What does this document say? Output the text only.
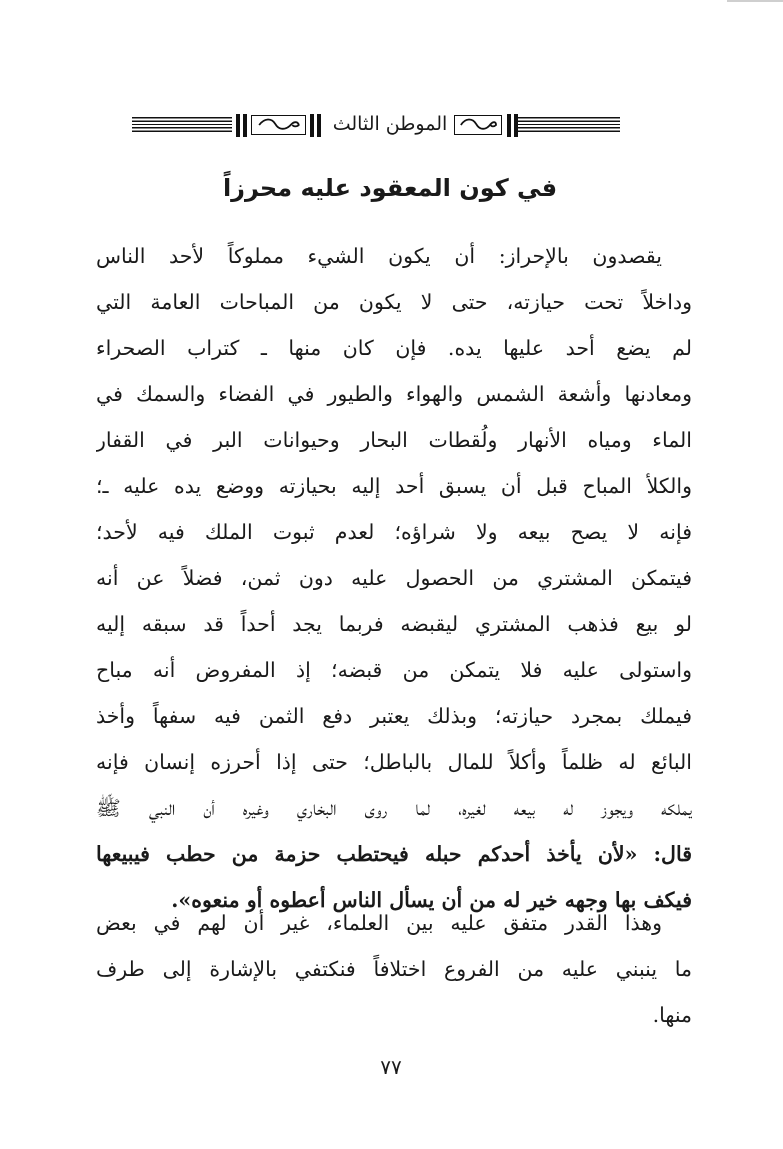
الموطن الثالث
في كون المعقود عليه محرزاً
يقصدون بالإحراز: أن يكون الشيء مملوكاً لأحد الناس
وداخلاً تحت حيازته، حتى لا يكون من المباحات العامة التي
لم يضع أحد عليها يده. فإن كان منها ـ كتراب الصحراء
ومعادنها وأشعة الشمس والهواء والطيور في الفضاء والسمك في
الماء ومياه الأنهار ولُقطات البحار وحيوانات البر في القفار
والكلأ المباح قبل أن يسبق أحد إليه بحيازته ووضع يده عليه ـ؛
فإنه لا يصح بيعه ولا شراؤه؛ لعدم ثبوت الملك فيه لأحد؛
فيتمكن المشتري من الحصول عليه دون ثمن، فضلاً عن أنه
لو بيع فذهب المشتري ليقبضه فربما يجد أحداً قد سبقه إليه
واستولى عليه فلا يتمكن من قبضه؛ إذ المفروض أنه مباح
فيملك بمجرد حيازته؛ وبذلك يعتبر دفع الثمن فيه سفهاً وأخذ
البائع له ظلماً وأكلاً للمال بالباطل؛ حتى إذا أحرزه إنسان فإنه
يملكه ويجوز له بيعه لغيره، لما روى البخاري وغيره أن النبي ﷺ
قال: «لأن يأخذ أحدكم حبله فيحتطب حزمة من حطب فيبيعها
فيكف بها وجهه خير له من أن يسأل الناس أعطوه أو منعوه».
وهذا القدر متفق عليه بين العلماء، غير أن لهم في بعض
ما ينبني عليه من الفروع اختلافاً فنكتفي بالإشارة إلى طرف
منها.
٧٧
